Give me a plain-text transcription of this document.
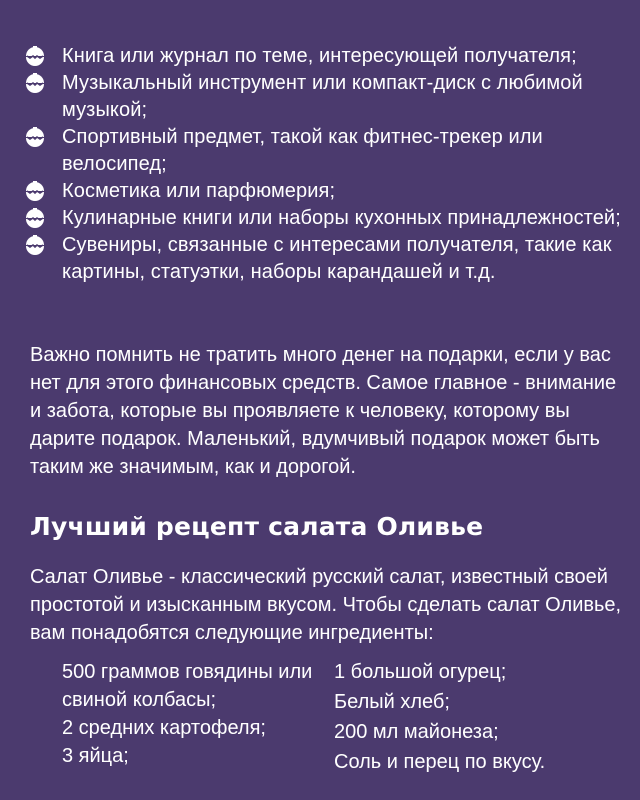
Книга или журнал по теме, интересующей получателя;
Музыкальный инструмент или компакт-диск с любимой музыкой;
Спортивный предмет, такой как фитнес-трекер или велосипед;
Косметика или парфюмерия;
Кулинарные книги или наборы кухонных принадлежностей;
Сувениры, связанные с интересами получателя, такие как картины, статуэтки, наборы карандашей и т.д.

Важно помнить не тратить много денег на подарки, если у вас нет для этого финансовых средств. Самое главное - внимание и забота, которые вы проявляете к человеку, которому вы дарите подарок. Маленький, вдумчивый подарок может быть таким же значимым, как и дорогой.

Лучший рецепт салата Оливье

Салат Оливье - классический русский салат, известный своей простотой и изысканным вкусом. Чтобы сделать салат Оливье, вам понадобятся следующие ингредиенты:

500 граммов говядины или свиной колбасы;
2 средних картофеля;
3 яйца;
1 большой огурец;
Белый хлеб;
200 мл майонеза;
Соль и перец по вкусу.
